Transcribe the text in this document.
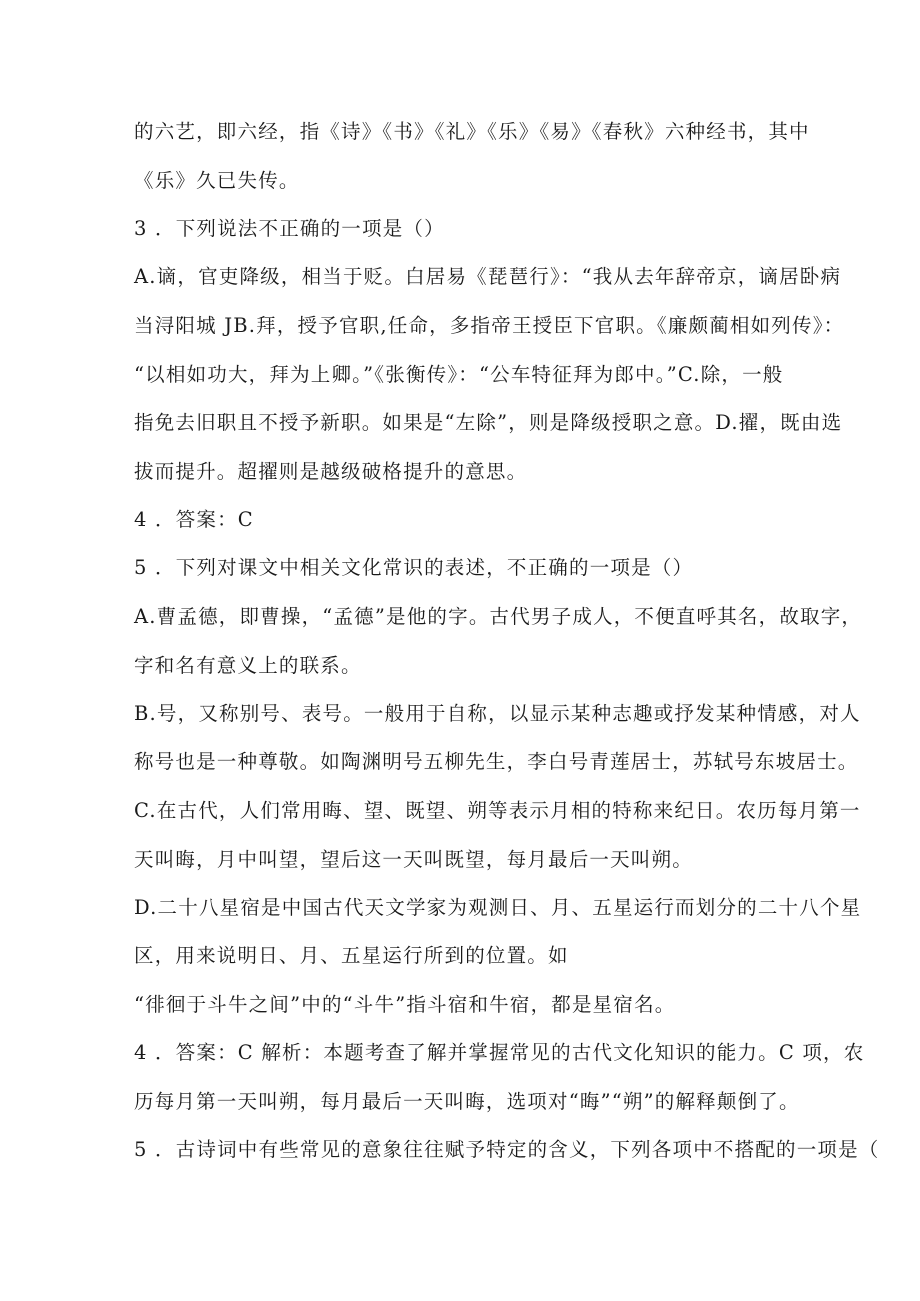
的六艺，即六经，指《诗》《书》《礼》《乐》《易》《春秋》六种经书，其中
《乐》久已失传。
3 ．下列说法不正确的一项是（）
A.谪，官吏降级，相当于贬。白居易《琵琶行》：“我从去年辞帝京，谪居卧病
当浔阳城 JB.拜，授予官职,任命，多指帝王授臣下官职。《廉颇蔺相如列传》：
“以相如功大，拜为上卿。”《张衡传》：“公车特征拜为郎中。”C.除，一般
指免去旧职且不授予新职。如果是“左除”，则是降级授职之意。D.擢，既由选
拔而提升。超擢则是越级破格提升的意思。
4 ．答案：C
5 ．下列对课文中相关文化常识的表述，不正确的一项是（）
A.曹孟德，即曹操，“孟德”是他的字。古代男子成人，不便直呼其名，故取字，
字和名有意义上的联系。
B.号，又称别号、表号。一般用于自称，以显示某种志趣或抒发某种情感，对人
称号也是一种尊敬。如陶渊明号五柳先生，李白号青莲居士，苏轼号东坡居士。
C.在古代，人们常用晦、望、既望、朔等表示月相的特称来纪日。农历每月第一
天叫晦，月中叫望，望后这一天叫既望，每月最后一天叫朔。
D.二十八星宿是中国古代天文学家为观测日、月、五星运行而划分的二十八个星
区，用来说明日、月、五星运行所到的位置。如
“徘徊于斗牛之间”中的“斗牛”指斗宿和牛宿，都是星宿名。
4 ．答案：C 解析：本题考查了解并掌握常见的古代文化知识的能力。C 项，农
历每月第一天叫朔，每月最后一天叫晦，选项对“晦”“朔”的解释颠倒了。
5 ．古诗词中有些常见的意象往往赋予特定的含义，下列各项中不搭配的一项是（
